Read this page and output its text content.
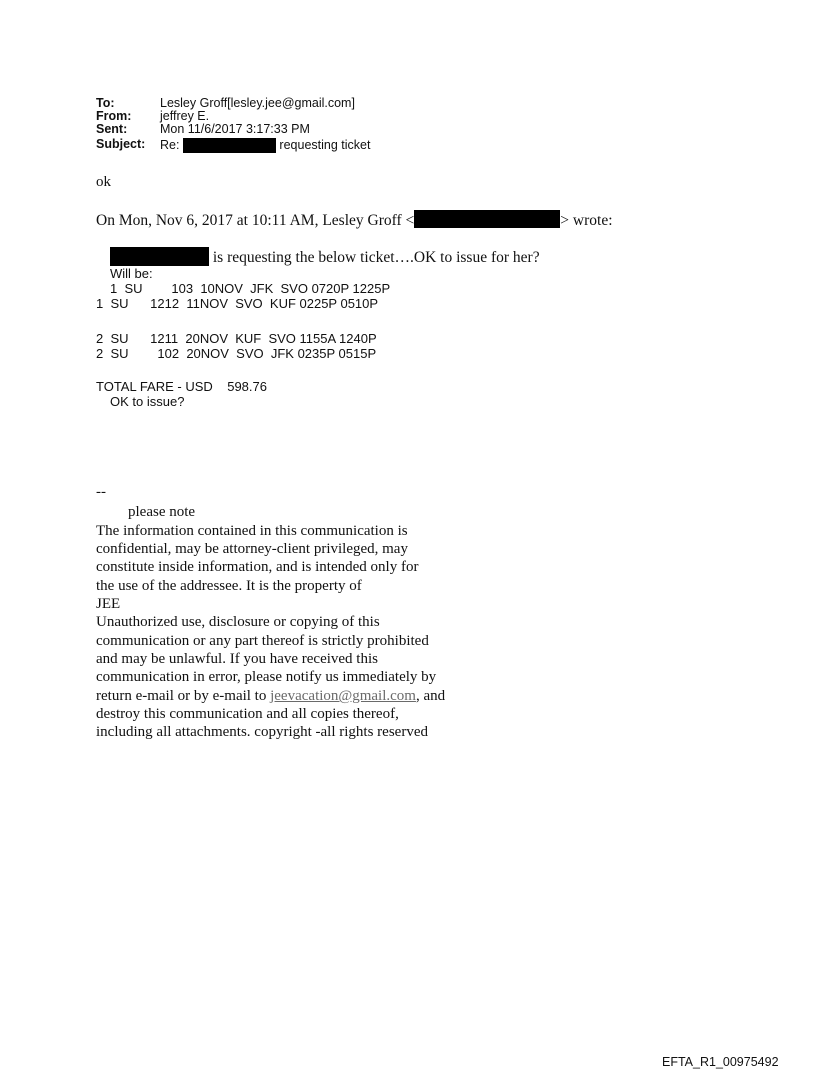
To:	Lesley Groff[lesley.jee@gmail.com]
From: jeffrey E.
Sent:	Mon 11/6/2017 3:17:33 PM
Subject: Re:	requesting ticket
ok
On Mon, Nov 6, 2017 at 10:11 AM, Lesley Groff <	> wrote:
is requesting the below ticket….OK to issue for her?
Will be:
1  SU        103  10NOV  JFK  SVO 0720P 1225P
1  SU      1212  11NOV  SVO  KUF 0225P 0510P
2  SU      1211  20NOV  KUF  SVO 1155A 1240P
2  SU        102  20NOV  SVO  JFK 0235P 0515P
TOTAL FARE - USD    598.76
OK to issue?
--
please note
The information contained in this communication is
confidential, may be attorney-client privileged, may
constitute inside information, and is intended only for
the use of the addressee. It is the property of
JEE
Unauthorized use, disclosure or copying of this
communication or any part thereof is strictly prohibited
and may be unlawful. If you have received this
communication in error, please notify us immediately by
return e-mail or by e-mail to jeevacation@gmail.com, and
destroy this communication and all copies thereof,
including all attachments. copyright -all rights reserved
EFTA_R1_00975492
